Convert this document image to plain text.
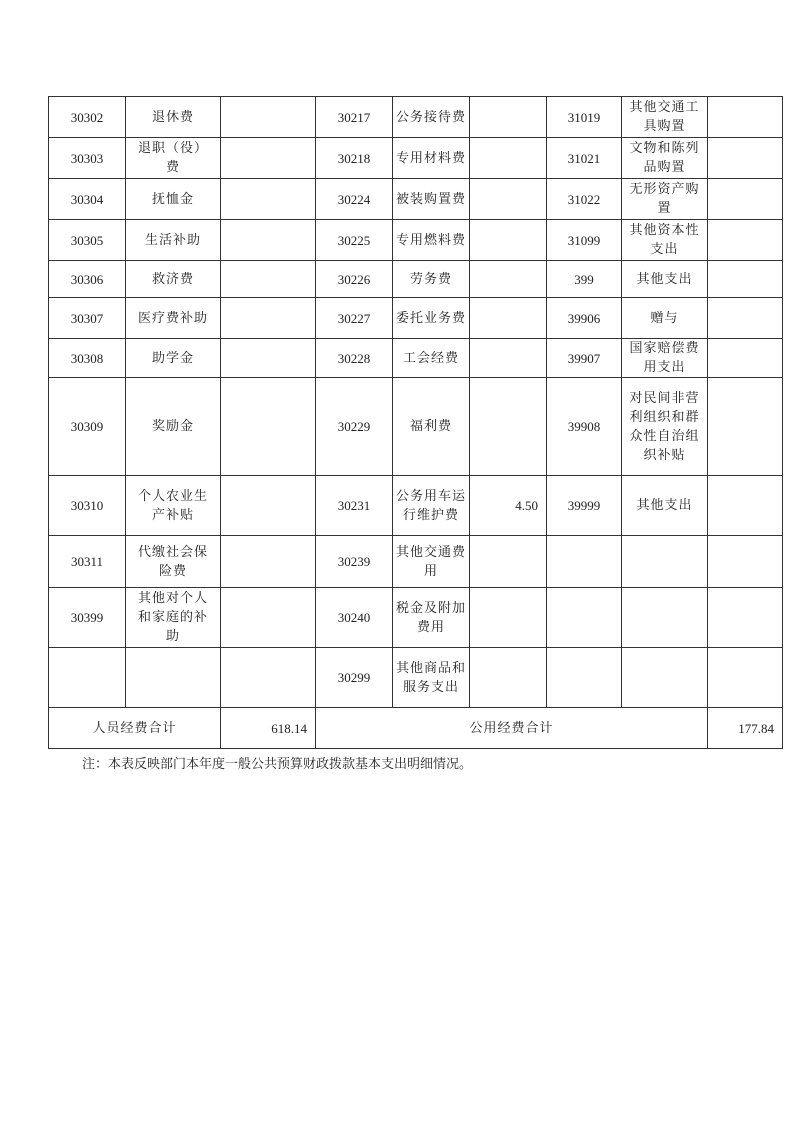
30302	退休费		30217	公务接待费		31019	其他交通工具购置	
30303	退职（役）费		30218	专用材料费		31021	文物和陈列品购置	
30304	抚恤金		30224	被装购置费		31022	无形资产购置	
30305	生活补助		30225	专用燃料费		31099	其他资本性支出	
30306	救济费		30226	劳务费		399	其他支出	
30307	医疗费补助		30227	委托业务费		39906	赠与	
30308	助学金		30228	工会经费		39907	国家赔偿费用支出	
30309	奖励金		30229	福利费		39908	对民间非营利组织和群众性自治组织补贴	
30310	个人农业生产补贴		30231	公务用车运行维护费	4.50	39999	其他支出	
30311	代缴社会保险费		30239	其他交通费用				
30399	其他对个人和家庭的补助		30240	税金及附加费用				
			30299	其他商品和服务支出				
人员经费合计		618.14	公用经费合计					177.84
注：本表反映部门本年度一般公共预算财政拨款基本支出明细情况。
